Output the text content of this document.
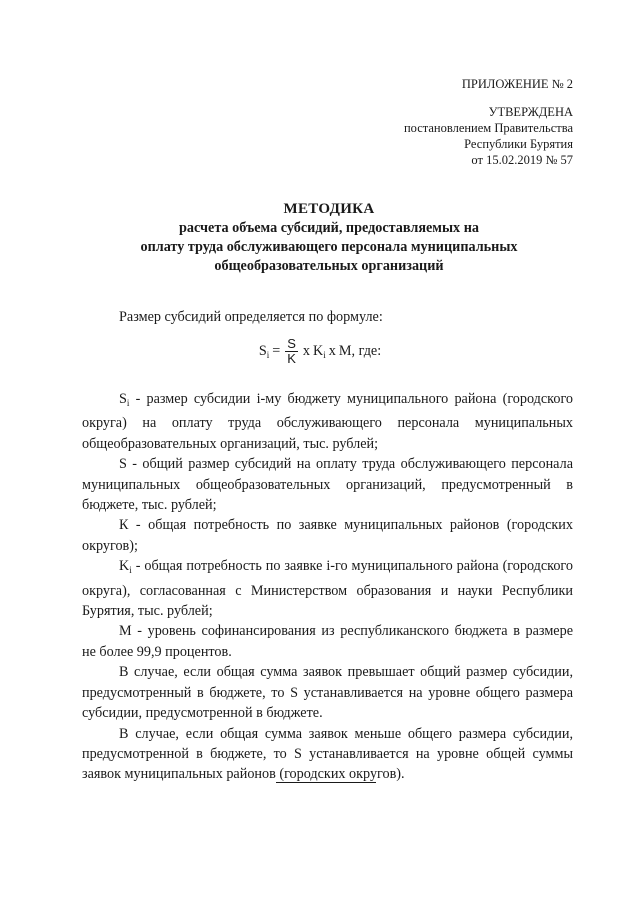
ПРИЛОЖЕНИЕ № 2
УТВЕРЖДЕНА
постановлением Правительства
Республики Бурятия
от 15.02.2019 № 57
МЕТОДИКА
расчета объема субсидий, предоставляемых на
оплату труда обслуживающего персонала муниципальных
общеобразовательных организаций
Размер субсидий определяется по формуле:
$S_i = \frac{S}{K}$ x $K_i$ x М, где:

$S_i$ - размер субсидии i-му бюджету муниципального района (городского округа) на оплату труда обслуживающего персонала муниципальных общеобразовательных организаций, тыс. рублей;

S - общий размер субсидий на оплату труда обслуживающего персонала муниципальных общеобразовательных организаций, предусмотренный в бюджете, тыс. рублей;

К - общая потребность по заявке муниципальных районов (городских округов);

$K_i$ - общая потребность по заявке i-го муниципального района (городского округа), согласованная с Министерством образования и науки Республики Бурятия, тыс. рублей;

М - уровень софинансирования из республиканского бюджета в размере не более 99,9 процентов.

В случае, если общая сумма заявок превышает общий размер субсидии, предусмотренный в бюджете, то S устанавливается на уровне общего размера субсидии, предусмотренной в бюджете.

В случае, если общая сумма заявок меньше общего размера субсидии, предусмотренной в бюджете, то S устанавливается на уровне общей суммы заявок муниципальных районов (городских округов).
